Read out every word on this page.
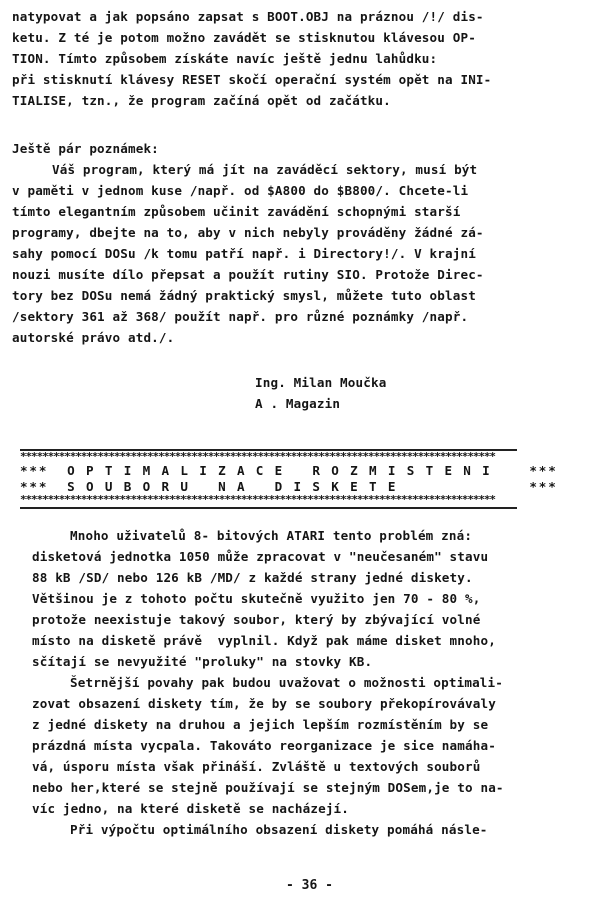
natypovat a jak popsáno zapsat s BOOT.OBJ na práznou /!/ dis-
ketu. Z té je potom možno zavádět se stisknutou klávesou OP-
TION. Tímto způsobem získáte navíc ještě jednu lahůdku:
při stisknutí klávesy RESET skočí operační systém opět na INI-
TIALISE, tzn., že program začíná opět od začátku.
Ještě pár poznámek:
Váš program, který má jít na zaváděcí sektory, musí být
v paměti v jednom kuse /např. od $A800 do $B800/. Chcete-li
tímto elegantním způsobem učinit zavádění schopnými starší
programy, dbejte na to, aby v nich nebyly prováděny žádné zá-
sahy pomocí DOSu /k tomu patří např. i Directory!/. V krajní
nouzi musíte dílo přepsat a použít rutiny SIO. Protože Direc-
tory bez DOSu nemá žádný praktický smysl, můžete tuto oblast
/sektory 361 až 368/ použít např. pro různé poznámky /např.
autorské právo atd./.
Ing. Milan Moučka
A . Magazin
**************************************************************************************
***  O P T I M A L I Z A C E   R O Z M I S T E N I    ***
***  S O U B O R U   N A   D I S K E T E              ***
**************************************************************************************
Mnoho uživatelů 8- bitových ATARI tento problém zná:
disketová jednotka 1050 může zpracovat v "neučesaném" stavu
88 kB /SD/ nebo 126 kB /MD/ z každé strany jedné diskety.
Většinou je z tohoto počtu skutečně využito jen 70 - 80 %,
protože neexistuje takový soubor, který by zbývající volné
místo na disketě právě  vyplnil. Když pak máme disket mnoho,
sčítají se nevyužité "proluky" na stovky KB.
Šetrnější povahy pak budou uvažovat o možnosti optimali-
zovat obsazení diskety tím, že by se soubory překopírovávaly
z jedné diskety na druhou a jejich lepším rozmístěním by se
prázdná místa vycpala. Takováto reorganizace je sice namáha-
vá, úsporu místa však přináší. Zvláště u textových souborů
nebo her,které se stejně používají se stejným DOSem,je to na-
víc jedno, na které disketě se nacházejí.
Při výpočtu optimálního obsazení diskety pomáhá násle-
- 36 -
